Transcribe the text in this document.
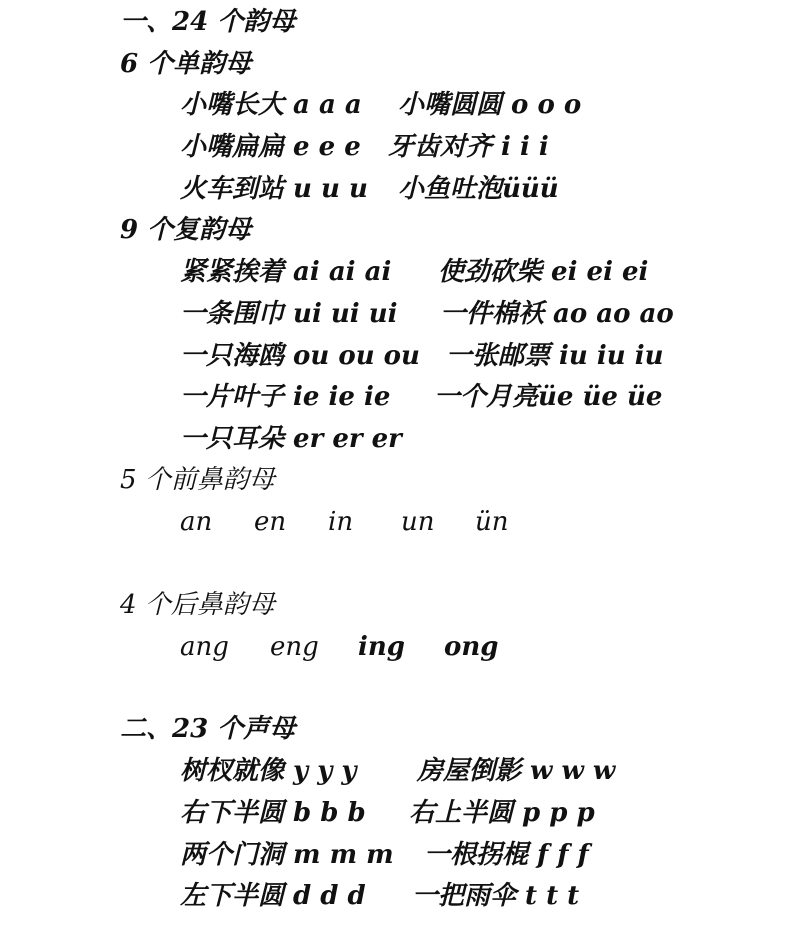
一、24 个韵母
6 个单韵母
小嘴长大 a a a 小嘴圆圆 o o o
小嘴扁扁 e e e 牙齿对齐 i i i
火车到站 u u u 小鱼吐泡üüü
9 个复韵母
紧紧挨着 ai ai ai 使劲砍柴 ei ei ei
一条围巾 ui ui ui 一件棉袄 ao ao ao
一只海鸥 ou ou ou 一张邮票 iu iu iu
一片叶子 ie ie ie 一个月亮üe üe üe
一只耳朵 er er er
5 个前鼻韵母
an en in un ün
4 个后鼻韵母
ang eng ing ong
二、23 个声母
树杈就像 y y y 房屋倒影 w w w
右下半圆 b b b 右上半圆 p p p
两个门洞 m m m 一根拐棍 f f f
左下半圆 d d d 一把雨伞 t t t
